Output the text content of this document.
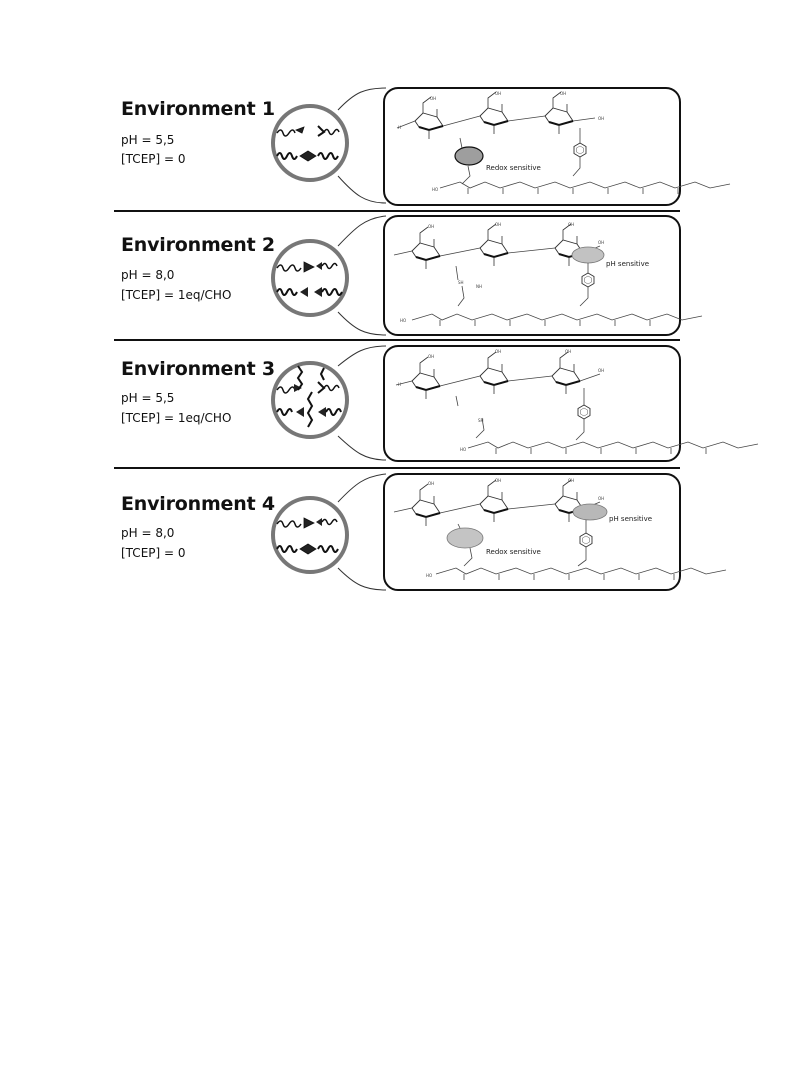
Environment 1
pH = 5,5
[TCEP] = 0
Environment 2
pH = 8,0
[TCEP] = 1eq/CHO
Environment 3
pH = 5,5
[TCEP] = 1eq/CHO
Environment 4
pH = 8,0
[TCEP] = 0
H
OH
OH
OH	OH
Redox sensitive
HO
OH
OH	OH	OH
pH sensitive
SH
NH
HO
H
OH
OH
OH	OH
SH
HO
OH
OH
OH	OH
pH sensitive
Redox sensitive
HO
